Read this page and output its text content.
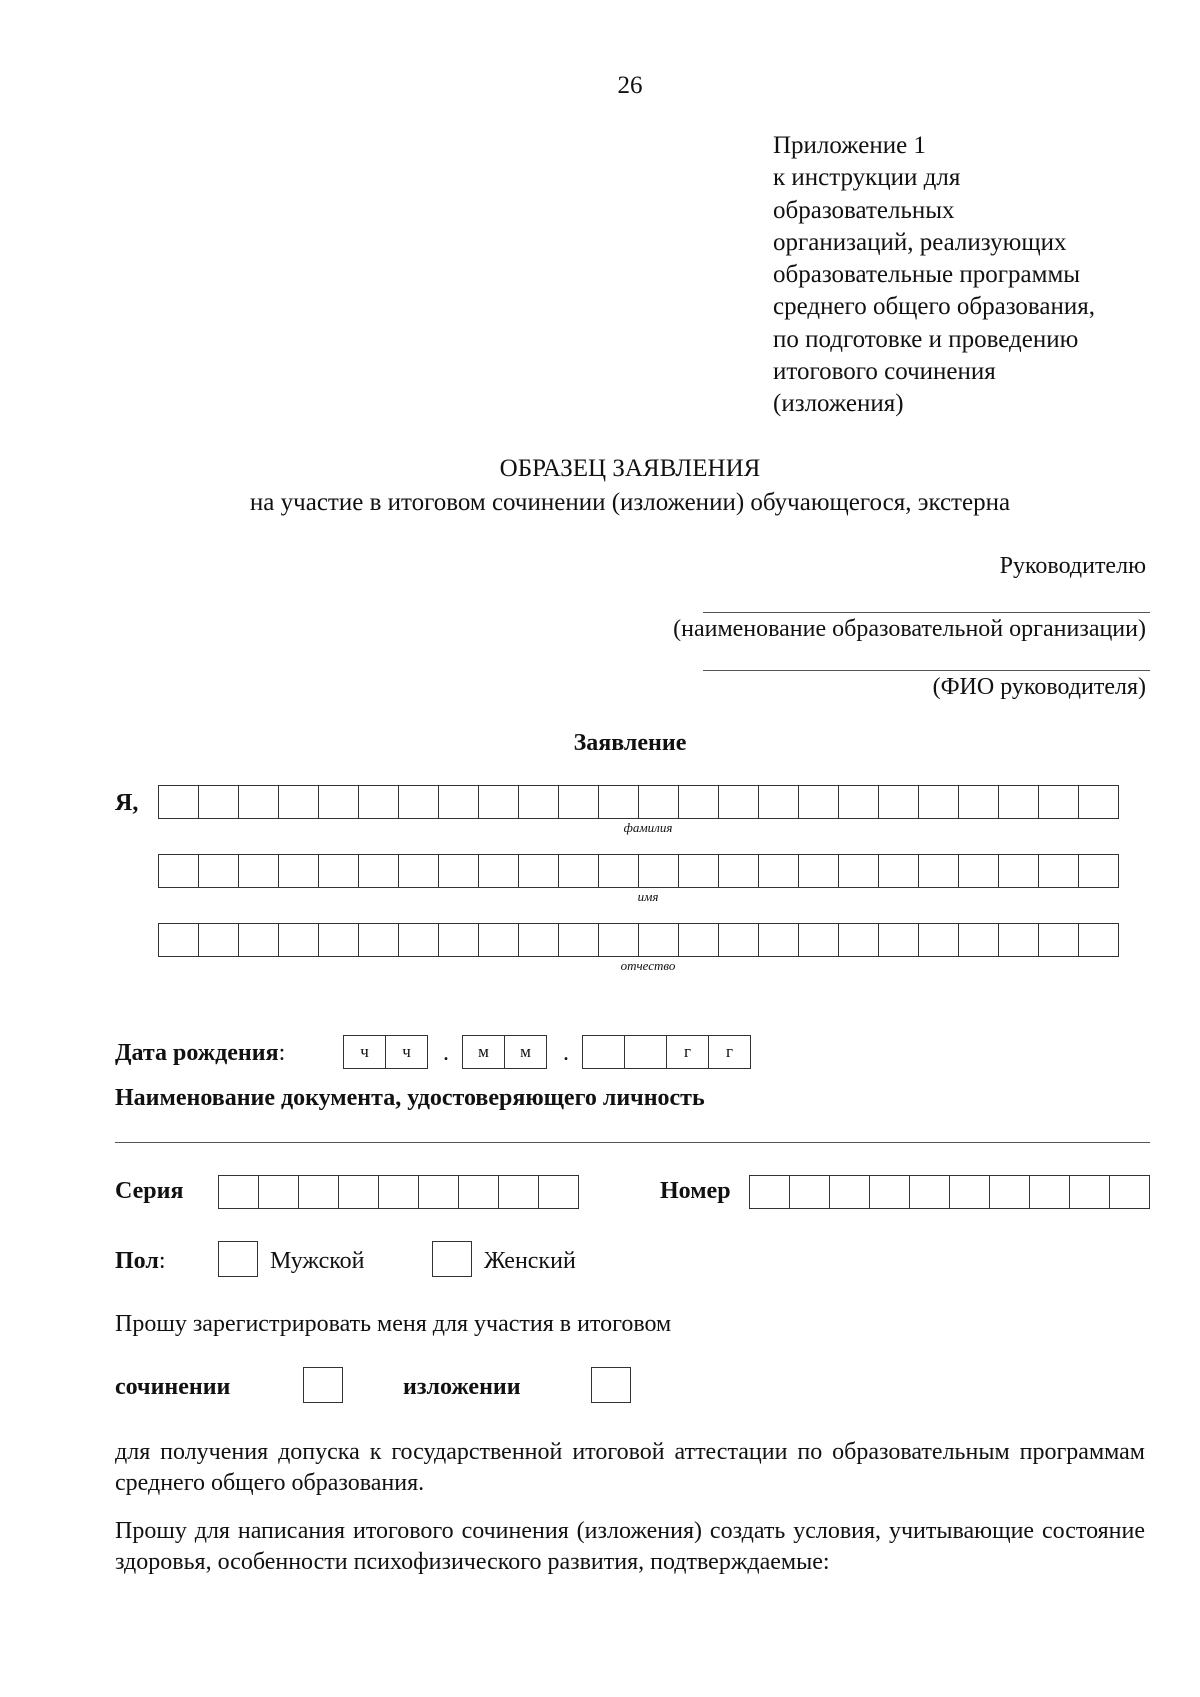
26
Приложение 1
к инструкции для
образовательных
организаций, реализующих
образовательные программы
среднего общего образования,
по подготовке и проведению
итогового сочинения
(изложения)
ОБРАЗЕЦ ЗАЯВЛЕНИЯ
на участие в итоговом сочинении (изложении) обучающегося, экстерна
Руководителю
(наименование образовательной организации)
(ФИО руководителя)
Заявление
Я,
фамилия
имя
отчество
Дата рождения:	ч	ч	.	м	м	.	г	г
Наименование документа, удостоверяющего личность
Серия	Номер
Пол:	Мужской	Женский
Прошу зарегистрировать меня для участия в итоговом
сочинении	изложении
для получения допуска к государственной итоговой аттестации по образовательным программам среднего общего образования.
Прошу для написания итогового сочинения (изложения) создать условия, учитывающие состояние здоровья, особенности психофизического развития, подтверждаемые:
